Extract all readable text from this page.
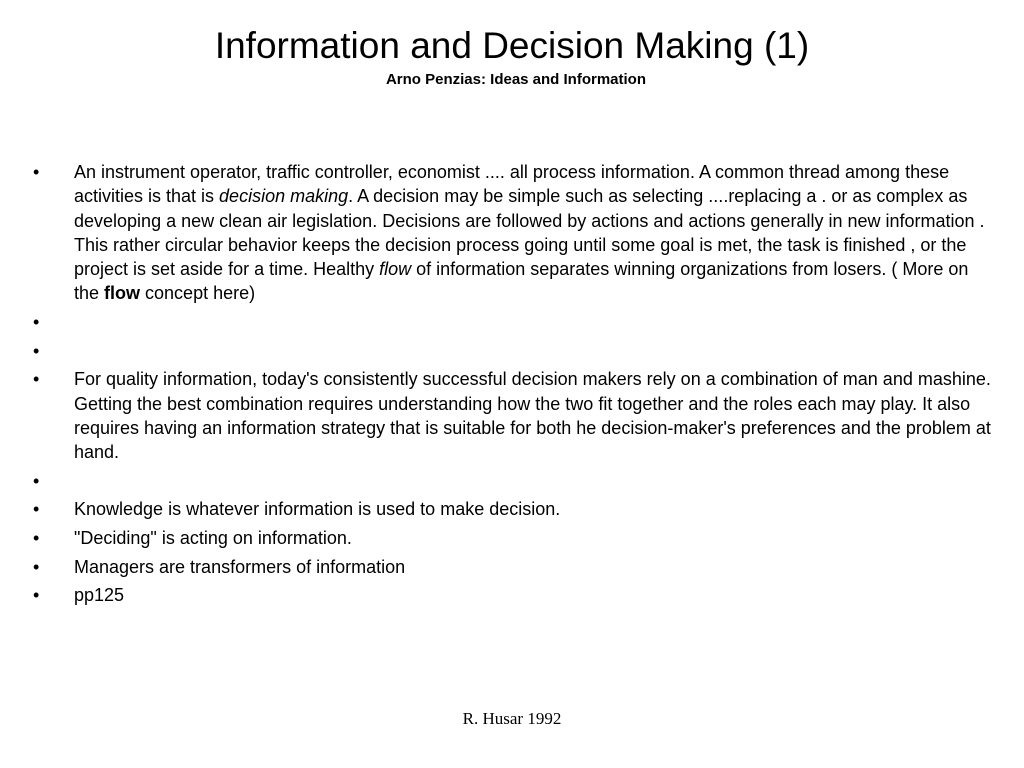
Information and Decision Making (1)
Arno Penzias: Ideas and Information
• An instrument operator, traffic controller, economist .... all process information. A common thread among these activities is that is decision making. A decision may be simple such as selecting ....replacing a . or as complex as developing a new clean air legislation. Decisions are followed by actions and actions generally in new information . This rather circular behavior keeps the decision process going until some goal is met, the task is finished , or the project is set aside for a time. Healthy flow of information separates winning organizations from losers. ( More on the flow concept here)
•
•
• For quality information, today's consistently successful decision makers rely on a combination of man and mashine. Getting the best combination requires understanding how the two fit together and the roles each may play. It also requires having an information strategy that is suitable for both he decision-maker's preferences and the problem at hand.
•
• Knowledge is whatever information is used to make decision.
• "Deciding" is acting on information.
• Managers are transformers of information
• pp125
R. Husar 1992
